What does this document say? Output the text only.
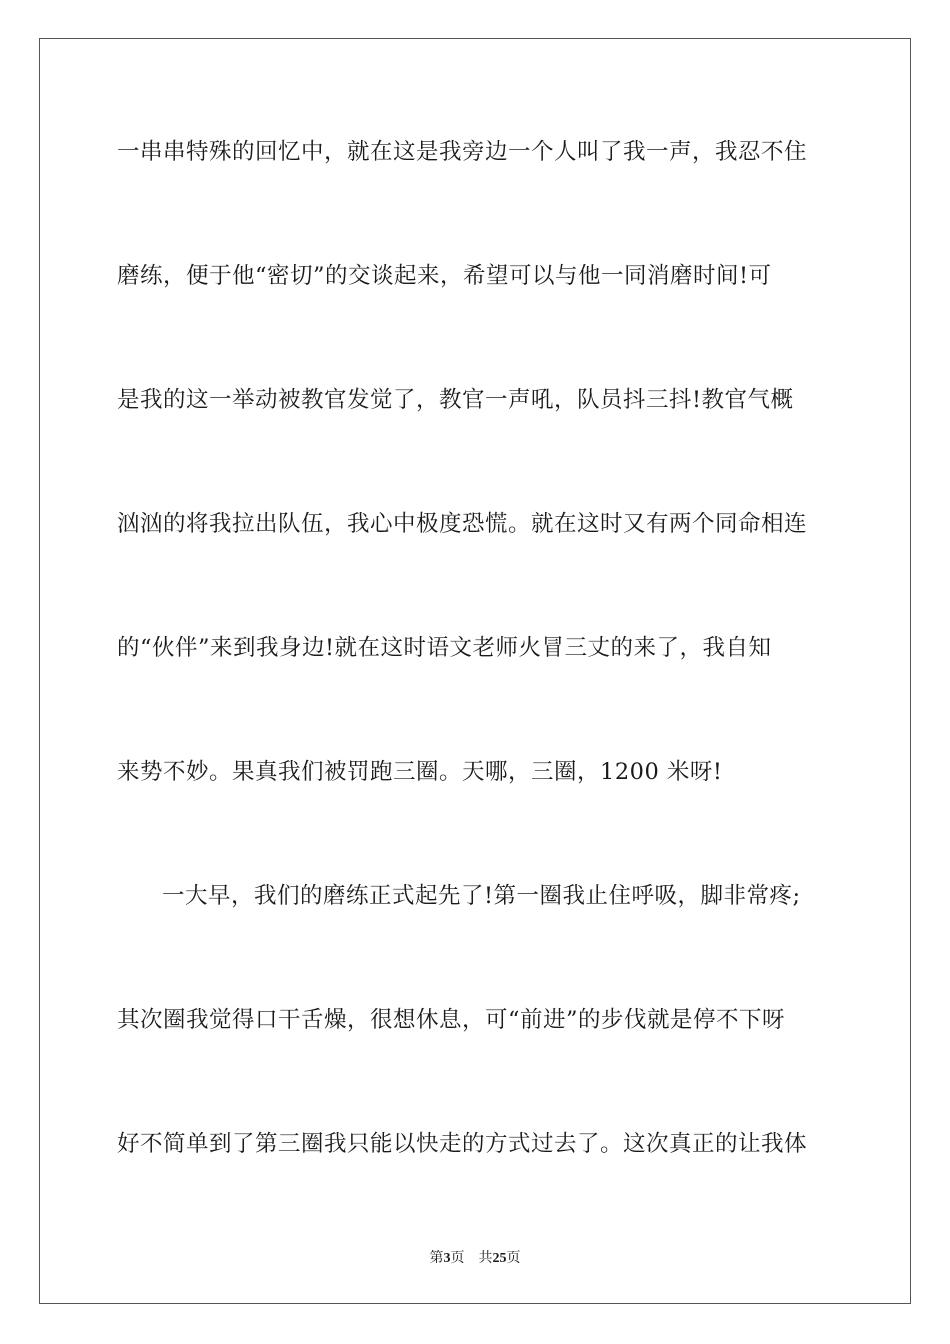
一串串特殊的回忆中，就在这是我旁边一个人叫了我一声，我忍不住
磨练，便于他“密切”的交谈起来，希望可以与他一同消磨时间!可
是我的这一举动被教官发觉了，教官一声吼，队员抖三抖!教官气概
汹汹的将我拉出队伍，我心中极度恐慌。就在这时又有两个同命相连
的“伙伴”来到我身边!就在这时语文老师火冒三丈的来了，我自知
来势不妙。果真我们被罚跑三圈。天哪，三圈，1200 米呀!
一大早，我们的磨练正式起先了!第一圈我止住呼吸，脚非常疼;
其次圈我觉得口干舌燥，很想休息，可“前进”的步伐就是停不下呀
好不简单到了第三圈我只能以快走的方式过去了。这次真正的让我体
第3页 共25页
